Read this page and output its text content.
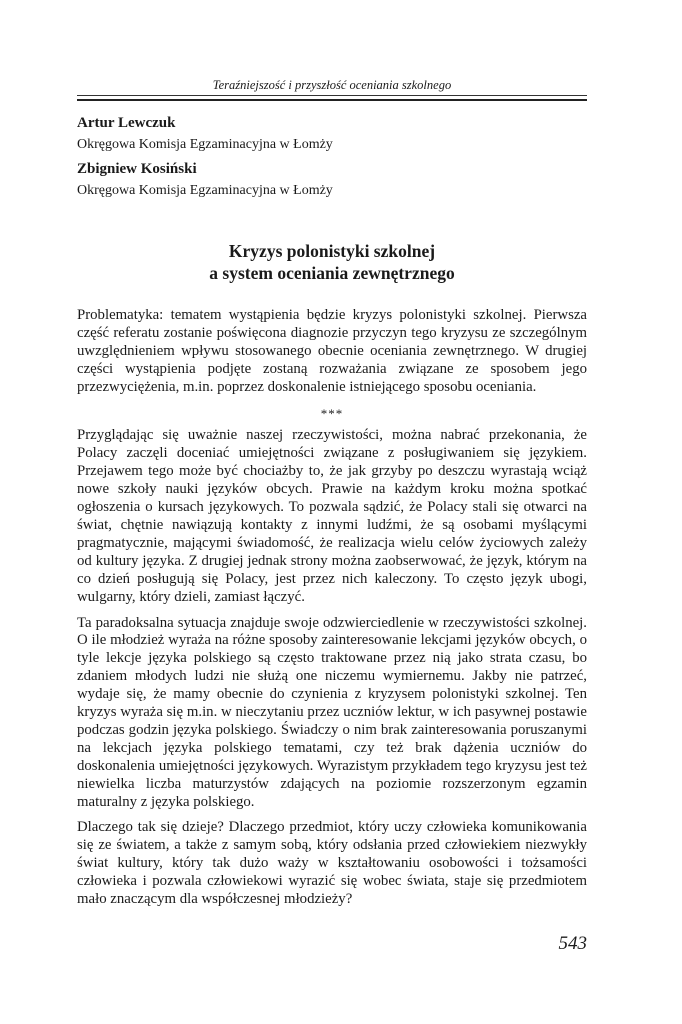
Teraźniejszość i przyszłość oceniania szkolnego
Artur Lewczuk
Okręgowa Komisja Egzaminacyjna w Łomży
Zbigniew Kosiński
Okręgowa Komisja Egzaminacyjna w Łomży
Kryzys polonistyki szkolnej
a system oceniania zewnętrznego

Problematyka: tematem wystąpienia będzie kryzys polonistyki szkolnej. Pierwsza część referatu zostanie poświęcona diagnozie przyczyn tego kryzysu ze szczególnym uwzględnieniem wpływu stosowanego obecnie oceniania zewnętrznego. W drugiej części wystąpienia podjęte zostaną rozważania związane ze sposobem jego przezwyciężenia, m.in. poprzez doskonalenie istniejącego sposobu oceniania.

***

Przyglądając się uważnie naszej rzeczywistości, można nabrać przekonania, że Polacy zaczęli doceniać umiejętności związane z posługiwaniem się językiem. Przejawem tego może być chociażby to, że jak grzyby po deszczu wyrastają wciąż nowe szkoły nauki języków obcych. Prawie na każdym kroku można spotkać ogłoszenia o kursach językowych. To pozwala sądzić, że Polacy stali się otwarci na świat, chętnie nawiązują kontakty z innymi ludźmi, że są osobami myślącymi pragmatycznie, mającymi świadomość, że realizacja wielu celów życiowych zależy od kultury języka. Z drugiej jednak strony można zaobserwować, że język, którym na co dzień posługują się Polacy, jest przez nich kaleczony. To często język ubogi, wulgarny, który dzieli, zamiast łączyć.

Ta paradoksalna sytuacja znajduje swoje odzwierciedlenie w rzeczywistości szkolnej. O ile młodzież wyraża na różne sposoby zainteresowanie lekcjami języków obcych, o tyle lekcje języka polskiego są często traktowane przez nią jako strata czasu, bo zdaniem młodych ludzi nie służą one niczemu wymiernemu. Jakby nie patrzeć, wydaje się, że mamy obecnie do czynienia z kryzysem polonistyki szkolnej. Ten kryzys wyraża się m.in. w nieczytaniu przez uczniów lektur, w ich pasywnej postawie podczas godzin języka polskiego. Świadczy o nim brak zainteresowania poruszanymi na lekcjach języka polskiego tematami, czy też brak dążenia uczniów do doskonalenia umiejętności językowych. Wyrazistym przykładem tego kryzysu jest też niewielka liczba maturzystów zdających na poziomie rozszerzonym egzamin maturalny z języka polskiego.

Dlaczego tak się dzieje? Dlaczego przedmiot, który uczy człowieka komunikowania się ze światem, a także z samym sobą, który odsłania przed człowiekiem niezwykły świat kultury, który tak dużo waży w kształtowaniu osobowości i tożsamości człowieka i pozwala człowiekowi wyrazić się wobec świata, staje się przedmiotem mało znaczącym dla współczesnej młodzieży?

543
